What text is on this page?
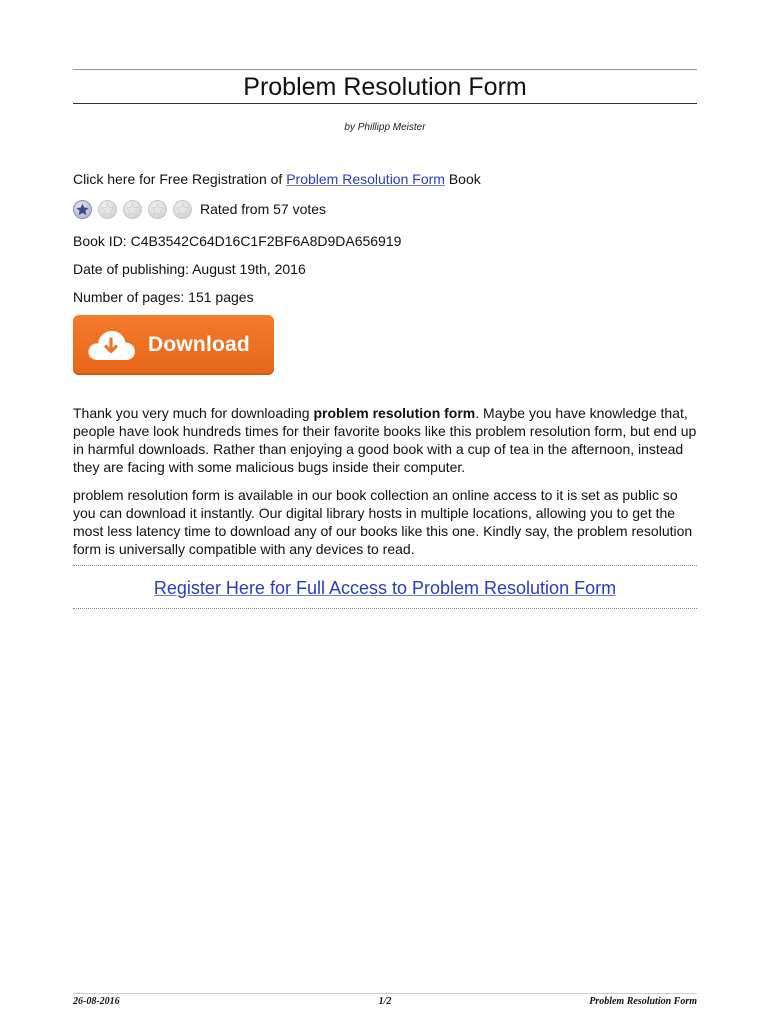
Problem Resolution Form
by Phillipp Meister
Click here for Free Registration of Problem Resolution Form Book
Rated from 57 votes
Book ID: C4B3542C64D16C1F2BF6A8D9DA656919
Date of publishing: August 19th, 2016
Number of pages: 151 pages
Download
Thank you very much for downloading problem resolution form. Maybe you have knowledge that, people have look hundreds times for their favorite books like this problem resolution form, but end up in harmful downloads. Rather than enjoying a good book with a cup of tea in the afternoon, instead they are facing with some malicious bugs inside their computer.
problem resolution form is available in our book collection an online access to it is set as public so you can download it instantly. Our digital library hosts in multiple locations, allowing you to get the most less latency time to download any of our books like this one. Kindly say, the problem resolution form is universally compatible with any devices to read.
Register Here for Full Access to Problem Resolution Form
26-08-2016	1/2	Problem Resolution Form
